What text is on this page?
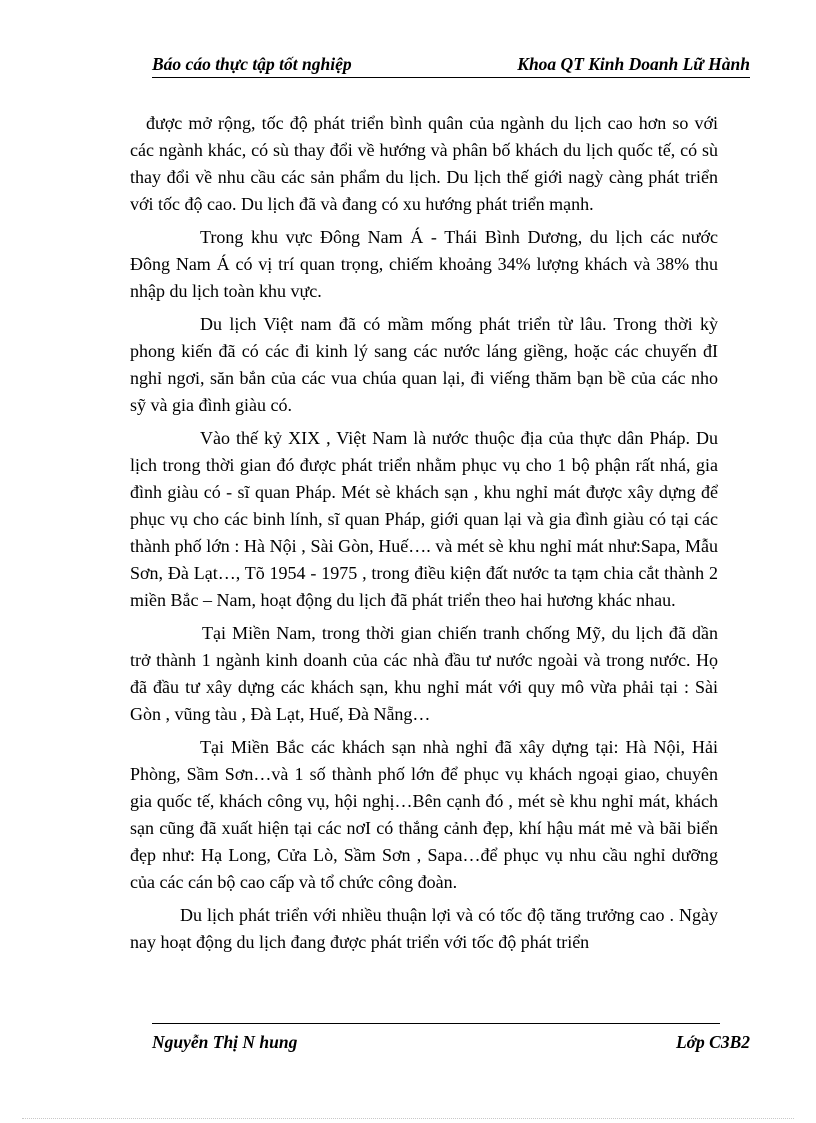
Báo cáo thực tập tốt nghiệp	Khoa QT Kinh Doanh Lữ Hành

được mở rộng, tốc độ phát triển bình quân của ngành du lịch cao hơn so với các ngành khác, có sù thay đổi về hướng và phân bố khách du lịch quốc tế, có sù thay đổi về nhu cầu các sản phẩm du lịch. Du lịch thế giới nagỳ càng phát triển với tốc độ cao. Du lịch đã và đang có xu hướng phát triển mạnh.

Trong khu vực Đông Nam Á - Thái Bình Dương, du lịch các nước Đông Nam Á có vị trí quan trọng, chiếm khoảng 34% lượng khách và 38% thu nhập du lịch toàn khu vực.

Du lịch Việt nam đã có mầm mống phát triển từ lâu. Trong thời kỳ phong kiến đã có các đi kinh lý sang các nước láng giềng, hoặc các chuyến đI nghỉ ngơi, săn bắn của các vua chúa quan lại, đi viếng thăm bạn bề của các nho sỹ và gia đình giàu có.

Vào thế kỷ XIX , Việt Nam là nước thuộc địa của thực dân Pháp. Du lịch trong thời gian đó được phát triển nhằm phục vụ cho 1 bộ phận rất nhá, gia đình giàu có - sĩ quan Pháp. Mét sè khách sạn , khu nghỉ mát được xây dựng để phục vụ cho các binh lính, sĩ quan Pháp, giới quan lại và gia đình giàu có tại các thành phố lớn : Hà Nội , Sài Gòn, Huế…. và mét sè khu nghỉ mát như:Sapa, Mẫu Sơn, Đà Lạt…, Tõ 1954 - 1975 , trong điều kiện đất nước ta tạm chia cắt thành 2 miền Bắc – Nam, hoạt động du lịch đã phát triển theo hai hương khác nhau.

Tại Miền Nam, trong thời gian chiến tranh chống Mỹ, du lịch đã dần trở thành 1 ngành kinh doanh của các nhà đầu tư nước ngoài và trong nước. Họ đã đầu tư xây dựng các khách sạn, khu nghỉ mát với quy mô vừa phải tại : Sài Gòn , vũng tàu , Đà Lạt, Huế, Đà Nẵng…

Tại Miền Bắc các khách sạn nhà nghỉ đã xây dựng tại: Hà Nội, Hải Phòng, Sầm Sơn…và 1 số thành phố lớn để phục vụ khách ngoại giao, chuyên gia quốc tế, khách công vụ, hội nghị…Bên cạnh đó , mét sè khu nghỉ mát, khách sạn cũng đã xuất hiện tại các nơI có thắng cảnh đẹp, khí hậu mát mẻ và bãi biển đẹp như: Hạ Long, Cửa Lò, Sầm Sơn , Sapa…để phục vụ nhu cầu nghỉ dưỡng của các cán bộ cao cấp và tổ chức công đoàn.

Du lịch phát triển với nhiều thuận lợi và có tốc độ tăng trưởng cao . Ngày nay hoạt động du lịch đang được phát triển với tốc độ phát triển

Nguyễn Thị N hung	Lớp C3B2
